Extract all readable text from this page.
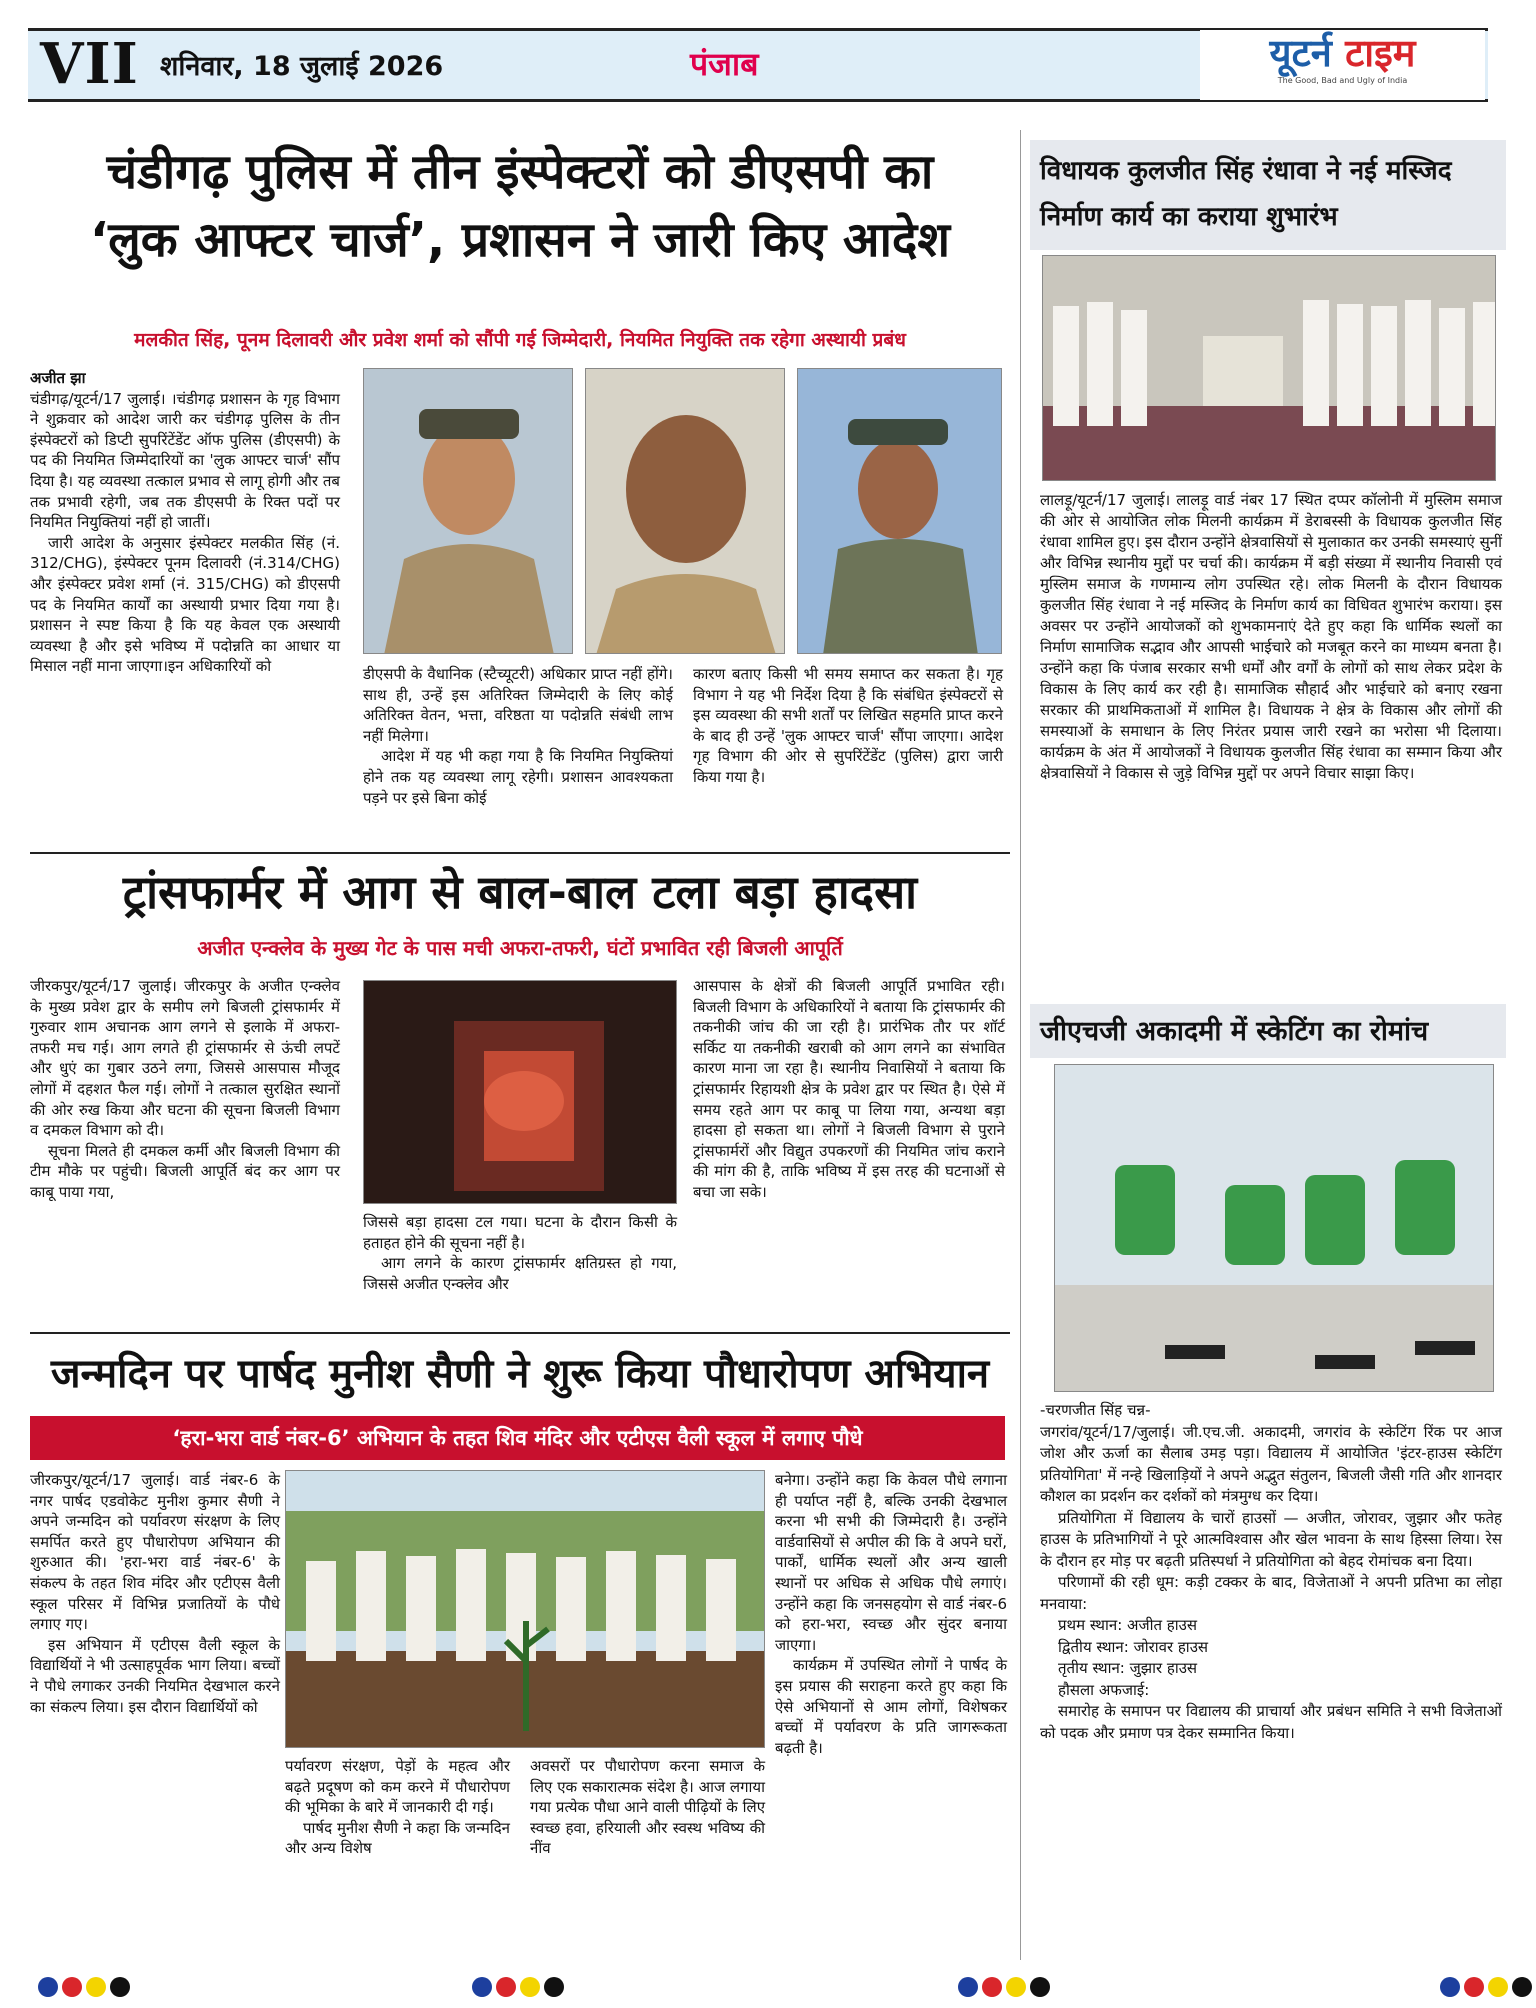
VII शनिवार, 18 जुलाई 2026	पंजाब	यूटर्न टाइम
The Good, Bad and Ugly of India
चंडीगढ़ पुलिस में तीन इंस्पेक्टरों को डीएसपी का
‘लुक आफ्टर चार्ज’, प्रशासन ने जारी किए आदेश
मलकीत सिंह, पूनम दिलावरी और प्रवेश शर्मा को सौंपी गई जिम्मेदारी, नियमित नियुक्ति तक रहेगा अस्थायी प्रबंध

अजीत झा

चंडीगढ़/यूटर्न/17 जुलाई। ।चंडीगढ़ प्रशासन के गृह विभाग ने शुक्रवार को आदेश जारी कर चंडीगढ़ पुलिस के तीन इंस्पेक्टरों को डिप्टी सुपरिंटेंडेंट ऑफ पुलिस (डीएसपी) के पद की नियमित जिम्मेदारियों का 'लुक आफ्टर चार्ज' सौंप दिया है। यह व्यवस्था तत्काल प्रभाव से लागू होगी और तब तक प्रभावी रहेगी, जब तक डीएसपी के रिक्त पदों पर नियमित नियुक्तियां नहीं हो जातीं।

जारी आदेश के अनुसार इंस्पेक्टर मलकीत सिंह (नं. 312/CHG), इंस्पेक्टर पूनम दिलावरी (नं.314/CHG) और इंस्पेक्टर प्रवेश शर्मा (नं. 315/CHG) को डीएसपी पद के नियमित कार्यों का अस्थायी प्रभार दिया गया है। प्रशासन ने स्पष्ट किया है कि यह केवल एक अस्थायी व्यवस्था है और इसे भविष्य में पदोन्नति का आधार या मिसाल नहीं माना जाएगा।इन अधिकारियों को	डीएसपी के वैधानिक (स्टैच्यूटरी) अधिकार प्राप्त नहीं होंगे। साथ ही, उन्हें इस अतिरिक्त जिम्मेदारी के लिए कोई अतिरिक्त वेतन, भत्ता, वरिष्ठता या पदोन्नति संबंधी लाभ नहीं मिलेगा।

आदेश में यह भी कहा गया है कि नियमित नियुक्तियां होने तक यह व्यवस्था लागू रहेगी। प्रशासन आवश्यकता पड़ने पर इसे बिना कोई

कारण बताए किसी भी समय समाप्त कर सकता है। गृह विभाग ने यह भी निर्देश दिया है कि संबंधित इंस्पेक्टरों से इस व्यवस्था की सभी शर्तों पर लिखित सहमति प्राप्त करने के बाद ही उन्हें 'लुक आफ्टर चार्ज' सौंपा जाएगा। आदेश गृह विभाग की ओर से सुपरिंटेंडेंट (पुलिस) द्वारा जारी किया गया है।

ट्रांसफार्मर में आग से बाल-बाल टला बड़ा हादसा
अजीत एन्क्लेव के मुख्य गेट के पास मची अफरा-तफरी, घंटों प्रभावित रही बिजली आपूर्ति

जीरकपुर/यूटर्न/17 जुलाई। जीरकपुर के अजीत एन्क्लेव के मुख्य प्रवेश द्वार के समीप लगे बिजली ट्रांसफार्मर में गुरुवार शाम अचानक आग लगने से इलाके में अफरा-तफरी मच गई। आग लगते ही ट्रांसफार्मर से ऊंची लपटें और धुएं का गुबार उठने लगा, जिससे आसपास मौजूद लोगों में दहशत फैल गई। लोगों ने तत्काल सुरक्षित स्थानों की ओर रुख किया और घटना की सूचना बिजली विभाग व दमकल विभाग को दी।

सूचना मिलते ही दमकल कर्मी और बिजली विभाग की टीम मौके पर पहुंची। बिजली आपूर्ति बंद कर आग पर काबू पाया गया,

जिससे बड़ा हादसा टल गया। घटना के दौरान किसी के हताहत होने की सूचना नहीं है।

आग लगने के कारण ट्रांसफार्मर क्षतिग्रस्त हो गया, जिससे अजीत एन्क्लेव और

आसपास के क्षेत्रों की बिजली आपूर्ति प्रभावित रही। बिजली विभाग के अधिकारियों ने बताया कि ट्रांसफार्मर की तकनीकी जांच की जा रही है। प्रारंभिक तौर पर शॉर्ट सर्किट या तकनीकी खराबी को आग लगने का संभावित कारण माना जा रहा है। स्थानीय निवासियों ने बताया कि ट्रांसफार्मर रिहायशी क्षेत्र के प्रवेश द्वार पर स्थित है। ऐसे में समय रहते आग पर काबू पा लिया गया, अन्यथा बड़ा हादसा हो सकता था। लोगों ने बिजली विभाग से पुराने ट्रांसफार्मरों और विद्युत उपकरणों की नियमित जांच कराने की मांग की है, ताकि भविष्य में इस तरह की घटनाओं से बचा जा सके।

जन्मदिन पर पार्षद मुनीश सैणी ने शुरू किया पौधारोपण अभियान
‘हरा-भरा वार्ड नंबर-6’ अभियान के तहत शिव मंदिर और एटीएस वैली स्कूल में लगाए पौधे

जीरकपुर/यूटर्न/17 जुलाई। वार्ड नंबर-6 के नगर पार्षद एडवोकेट मुनीश कुमार सैणी ने अपने जन्मदिन को पर्यावरण संरक्षण के लिए समर्पित करते हुए पौधारोपण अभियान की शुरुआत की। 'हरा-भरा वार्ड नंबर-6' के संकल्प के तहत शिव मंदिर और एटीएस वैली स्कूल परिसर में विभिन्न प्रजातियों के पौधे लगाए गए।

इस अभियान में एटीएस वैली स्कूल के विद्यार्थियों ने भी उत्साहपूर्वक भाग लिया। बच्चों ने पौधे लगाकर उनकी नियमित देखभाल करने का संकल्प लिया। इस दौरान विद्यार्थियों को

पर्यावरण संरक्षण, पेड़ों के महत्व और बढ़ते प्रदूषण को कम करने में पौधारोपण की भूमिका के बारे में जानकारी दी गई।

पार्षद मुनीश सैणी ने कहा कि जन्मदिन और अन्य विशेष

अवसरों पर पौधारोपण करना समाज के लिए एक सकारात्मक संदेश है। आज लगाया गया प्रत्येक पौधा आने वाली पीढ़ियों के लिए स्वच्छ हवा, हरियाली और स्वस्थ भविष्य की नींव

बनेगा। उन्होंने कहा कि केवल पौधे लगाना ही पर्याप्त नहीं है, बल्कि उनकी देखभाल करना भी सभी की जिम्मेदारी है। उन्होंने वार्डवासियों से अपील की कि वे अपने घरों, पार्कों, धार्मिक स्थलों और अन्य खाली स्थानों पर अधिक से अधिक पौधे लगाएं। उन्होंने कहा कि जनसहयोग से वार्ड नंबर-6 को हरा-भरा, स्वच्छ और सुंदर बनाया जाएगा।

कार्यक्रम में उपस्थित लोगों ने पार्षद के इस प्रयास की सराहना करते हुए कहा कि ऐसे अभियानों से आम लोगों, विशेषकर बच्चों में पर्यावरण के प्रति जागरूकता बढ़ती है।

विधायक कुलजीत सिंह रंधावा ने नई मस्जिद निर्माण कार्य का कराया शुभारंभ

लालड़ू/यूटर्न/17 जुलाई। लालड़ू वार्ड नंबर 17 स्थित दप्पर कॉलोनी में मुस्लिम समाज की ओर से आयोजित लोक मिलनी कार्यक्रम में डेराबस्सी के विधायक कुलजीत सिंह रंधावा शामिल हुए। इस दौरान उन्होंने क्षेत्रवासियों से मुलाकात कर उनकी समस्याएं सुनीं और विभिन्न स्थानीय मुद्दों पर चर्चा की। कार्यक्रम में बड़ी संख्या में स्थानीय निवासी एवं मुस्लिम समाज के गणमान्य लोग उपस्थित रहे। लोक मिलनी के दौरान विधायक कुलजीत सिंह रंधावा ने नई मस्जिद के निर्माण कार्य का विधिवत शुभारंभ कराया। इस अवसर पर उन्होंने आयोजकों को शुभकामनाएं देते हुए कहा कि धार्मिक स्थलों का निर्माण सामाजिक सद्भाव और आपसी भाईचारे को मजबूत करने का माध्यम बनता है। उन्होंने कहा कि पंजाब सरकार सभी धर्मों और वर्गों के लोगों को साथ लेकर प्रदेश के विकास के लिए कार्य कर रही है। सामाजिक सौहार्द और भाईचारे को बनाए रखना सरकार की प्राथमिकताओं में शामिल है। विधायक ने क्षेत्र के विकास और लोगों की समस्याओं के समाधान के लिए निरंतर प्रयास जारी रखने का भरोसा भी दिलाया। कार्यक्रम के अंत में आयोजकों ने विधायक कुलजीत सिंह रंधावा का सम्मान किया और क्षेत्रवासियों ने विकास से जुड़े विभिन्न मुद्दों पर अपने विचार साझा किए।

जीएचजी अकादमी में स्केटिंग का रोमांच

-चरणजीत सिंह चन्न-

जगरांव/यूटर्न/17/जुलाई। जी.एच.जी. अकादमी, जगरांव के स्केटिंग रिंक पर आज जोश और ऊर्जा का सैलाब उमड़ पड़ा। विद्यालय में आयोजित 'इंटर-हाउस स्केटिंग प्रतियोगिता' में नन्हे खिलाड़ियों ने अपने अद्भुत संतुलन, बिजली जैसी गति और शानदार कौशल का प्रदर्शन कर दर्शकों को मंत्रमुग्ध कर दिया।

प्रतियोगिता में विद्यालय के चारों हाउसों — अजीत, जोरावर, जुझार और फतेह हाउस के प्रतिभागियों ने पूरे आत्मविश्वास और खेल भावना के साथ हिस्सा लिया। रेस के दौरान हर मोड़ पर बढ़ती प्रतिस्पर्धा ने प्रतियोगिता को बेहद रोमांचक बना दिया।

परिणामों की रही धूम: कड़ी टक्कर के बाद, विजेताओं ने अपनी प्रतिभा का लोहा मनवाया:

प्रथम स्थान: अजीत हाउस

द्वितीय स्थान: जोरावर हाउस

तृतीय स्थान: जुझार हाउस

हौसला अफजाई:

समारोह के समापन पर विद्यालय की प्राचार्या और प्रबंधन समिति ने सभी विजेताओं को पदक और प्रमाण पत्र देकर सम्मानित किया।
